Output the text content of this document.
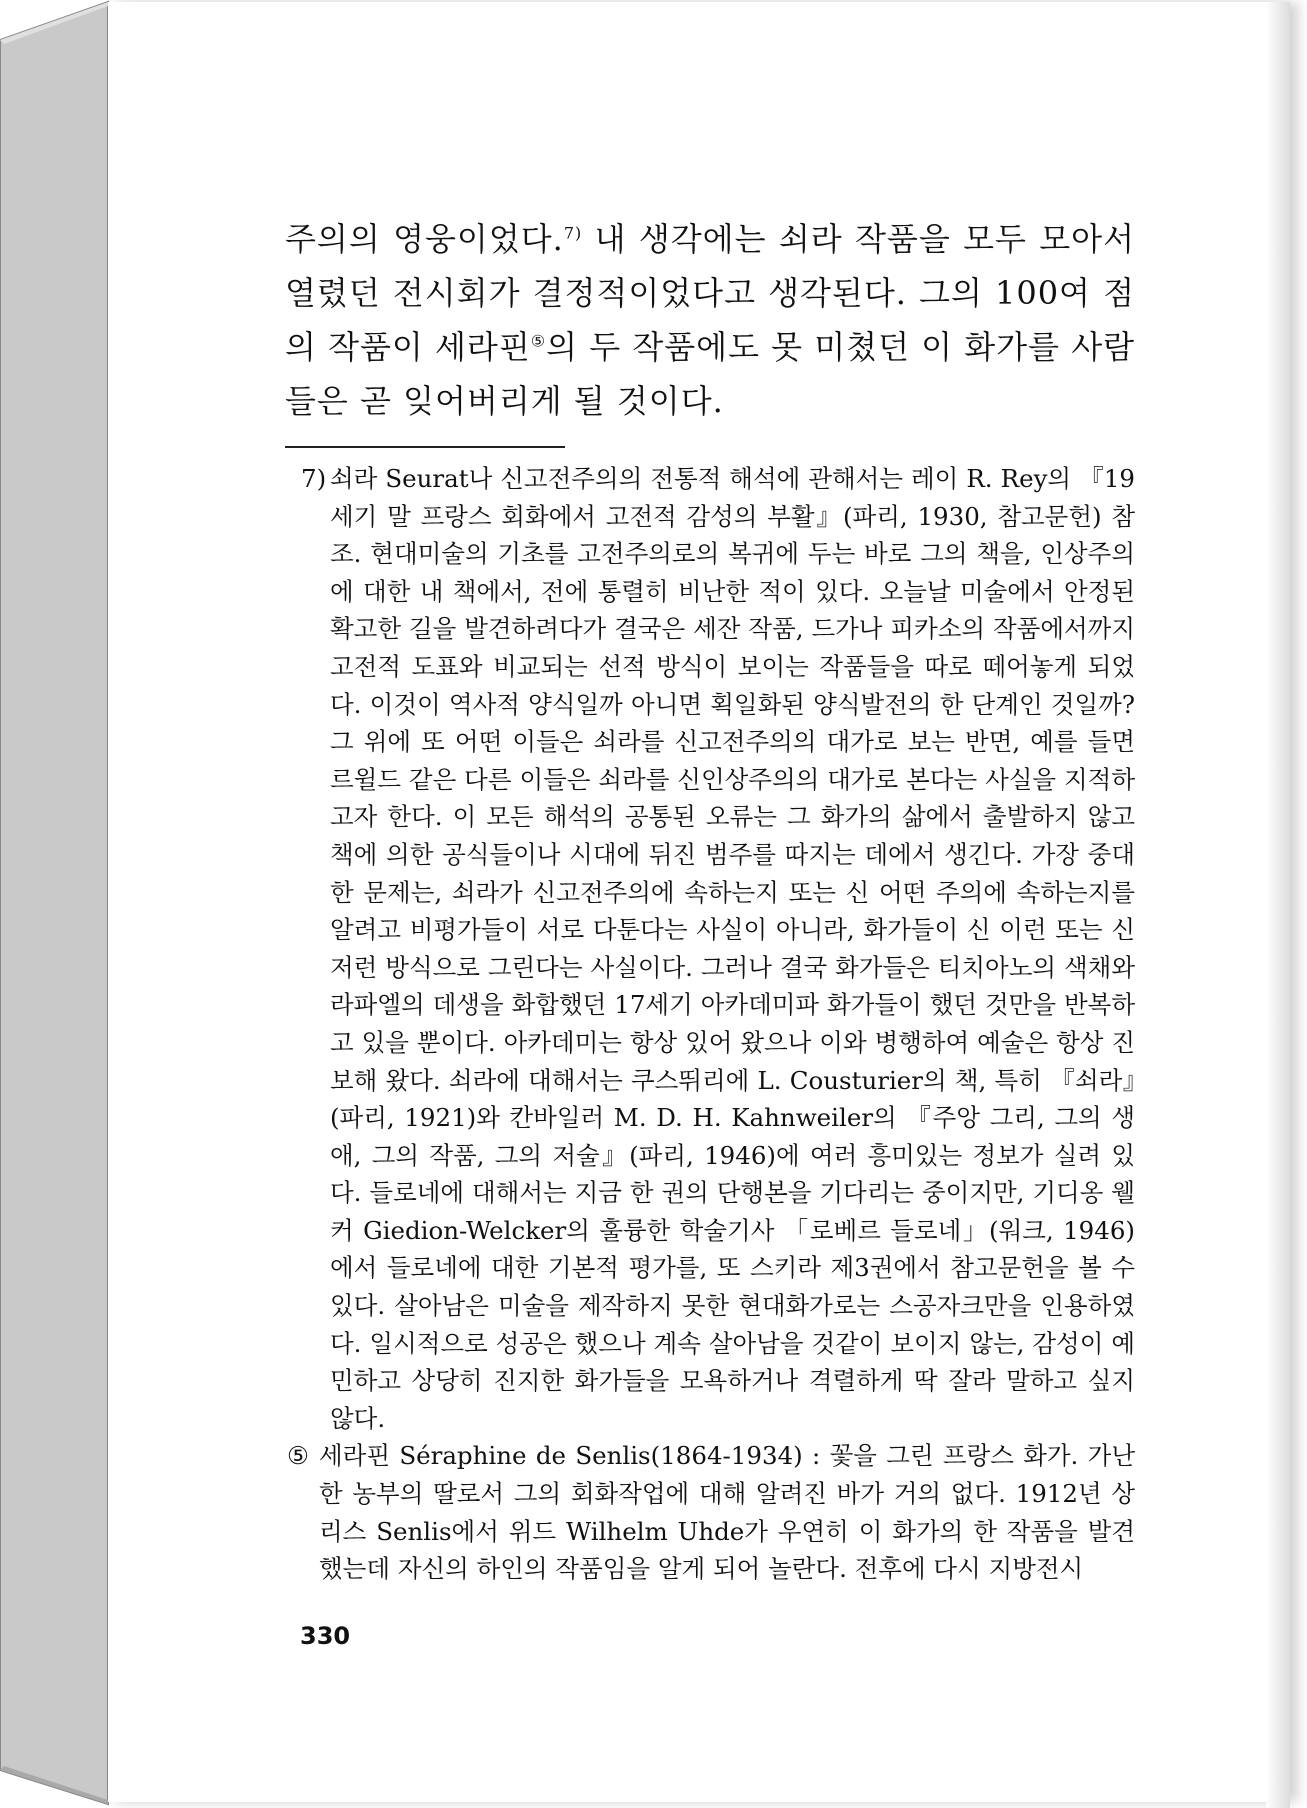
주의의 영웅이었다.$^{7)}$ 내 생각에는 쇠라 작품을 모두 모아서 열렸던 전시회가 결정적이었다고 생각된다. 그의 100여 점의 작품이 세라핀⑤의 두 작품에도 못 미쳤던 이 화가를 사람들은 곧 잊어버리게 될 것이다.

7) 쇠라 Seurat나 신고전주의의 전통적 해석에 관해서는 레이 R. Rey의 『19세기 말 프랑스 회화에서 고전적 감성의 부활』(파리, 1930, 참고문헌) 참조. 현대미술의 기초를 고전주의로의 복귀에 두는 바로 그의 책을, 인상주의에 대한 내 책에서, 전에 통렬히 비난한 적이 있다. 오늘날 미술에서 안정된 확고한 길을 발견하려다가 결국은 세잔 작품, 드가나 피카소의 작품에서까지 고전적 도표와 비교되는 선적 방식이 보이는 작품들을 따로 떼어놓게 되었다. 이것이 역사적 양식일까 아니면 획일화된 양식발전의 한 단계인 것일까? 그 위에 또 어떤 이들은 쇠라를 신고전주의의 대가로 보는 반면, 예를 들면 르윌드 같은 다른 이들은 쇠라를 신인상주의의 대가로 본다는 사실을 지적하고자 한다. 이 모든 해석의 공통된 오류는 그 화가의 삶에서 출발하지 않고 책에 의한 공식들이나 시대에 뒤진 범주를 따지는 데에서 생긴다. 가장 중대한 문제는, 쇠라가 신고전주의에 속하는지 또는 신 어떤 주의에 속하는지를 알려고 비평가들이 서로 다툰다는 사실이 아니라, 화가들이 신 이런 또는 신 저런 방식으로 그린다는 사실이다. 그러나 결국 화가들은 티치아노의 색채와 라파엘의 데생을 화합했던 17세기 아카데미파 화가들이 했던 것만을 반복하고 있을 뿐이다. 아카데미는 항상 있어 왔으나 이와 병행하여 예술은 항상 진보해 왔다. 쇠라에 대해서는 쿠스뛰리에 L. Cousturier의 책, 특히 『쇠라』(파리, 1921)와 칸바일러 M. D. H. Kahnweiler의 『주앙 그리, 그의 생애, 그의 작품, 그의 저술』(파리, 1946)에 여러 흥미있는 정보가 실려 있다. 들로네에 대해서는 지금 한 권의 단행본을 기다리는 중이지만, 기디옹 웰커 Giedion-Welcker의 훌륭한 학술기사 「로베르 들로네」(워크, 1946)에서 들로네에 대한 기본적 평가를, 또 스키라 제3권에서 참고문헌을 볼 수 있다. 살아남은 미술을 제작하지 못한 현대화가로는 스공자크만을 인용하였다. 일시적으로 성공은 했으나 계속 살아남을 것같이 보이지 않는, 감성이 예민하고 상당히 진지한 화가들을 모욕하거나 격렬하게 딱 잘라 말하고 싶지 않다.
⑤ 세라핀 Séraphine de Senlis(1864-1934) : 꽃을 그린 프랑스 화가. 가난한 농부의 딸로서 그의 회화작업에 대해 알려진 바가 거의 없다. 1912년 상리스 Senlis에서 위드 Wilhelm Uhde가 우연히 이 화가의 한 작품을 발견했는데 자신의 하인의 작품임을 알게 되어 놀란다. 전후에 다시 지방전시
330
